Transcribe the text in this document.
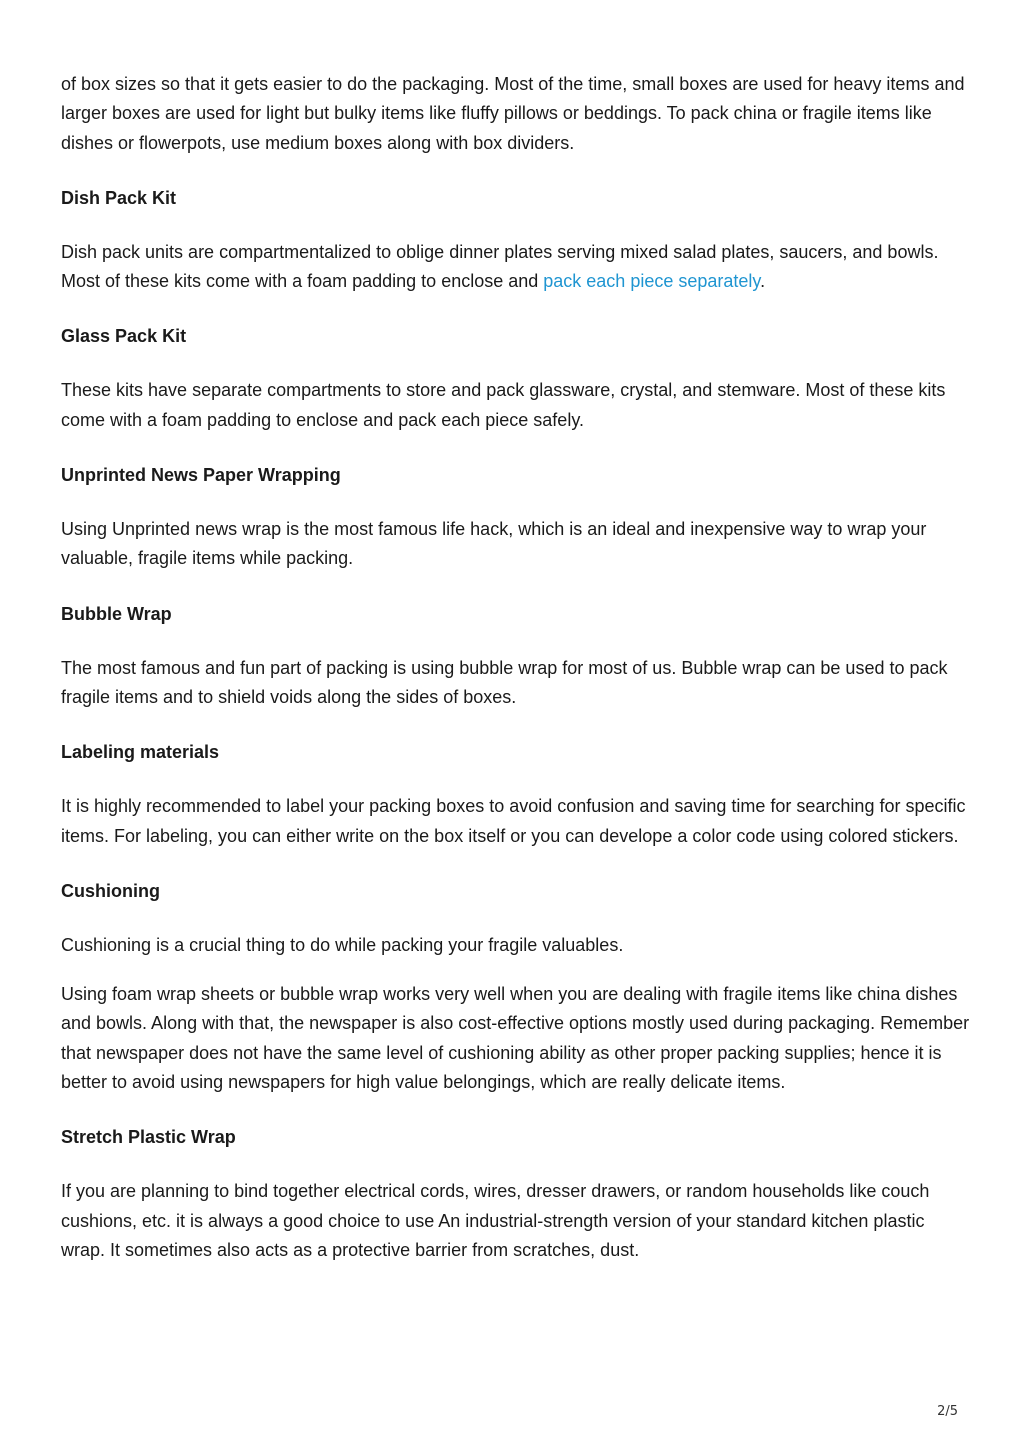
of box sizes so that it gets easier to do the packaging. Most of the time, small boxes are used for heavy items and larger boxes are used for light but bulky items like fluffy pillows or beddings. To pack china or fragile items like dishes or flowerpots, use medium boxes along with box dividers.

Dish Pack Kit

Dish pack units are compartmentalized to oblige dinner plates serving mixed salad plates, saucers, and bowls. Most of these kits come with a foam padding to enclose and pack each piece separately.

Glass Pack Kit

These kits have separate compartments to store and pack glassware, crystal, and stemware. Most of these kits come with a foam padding to enclose and pack each piece safely.

Unprinted News Paper Wrapping

Using Unprinted news wrap is the most famous life hack, which is an ideal and inexpensive way to wrap your valuable, fragile items while packing.

Bubble Wrap

The most famous and fun part of packing is using bubble wrap for most of us. Bubble wrap can be used to pack fragile items and to shield voids along the sides of boxes.

Labeling materials

It is highly recommended to label your packing boxes to avoid confusion and saving time for searching for specific items. For labeling, you can either write on the box itself or you can develope a color code using colored stickers.

Cushioning

Cushioning is a crucial thing to do while packing your fragile valuables.

Using foam wrap sheets or bubble wrap works very well when you are dealing with fragile items like china dishes and bowls. Along with that, the newspaper is also cost-effective options mostly used during packaging. Remember that newspaper does not have the same level of cushioning ability as other proper packing supplies; hence it is better to avoid using newspapers for high value belongings, which are really delicate items.

Stretch Plastic Wrap

If you are planning to bind together electrical cords, wires, dresser drawers, or random households like couch cushions, etc. it is always a good choice to use An industrial-strength version of your standard kitchen plastic wrap. It sometimes also acts as a protective barrier from scratches, dust.

2/5
